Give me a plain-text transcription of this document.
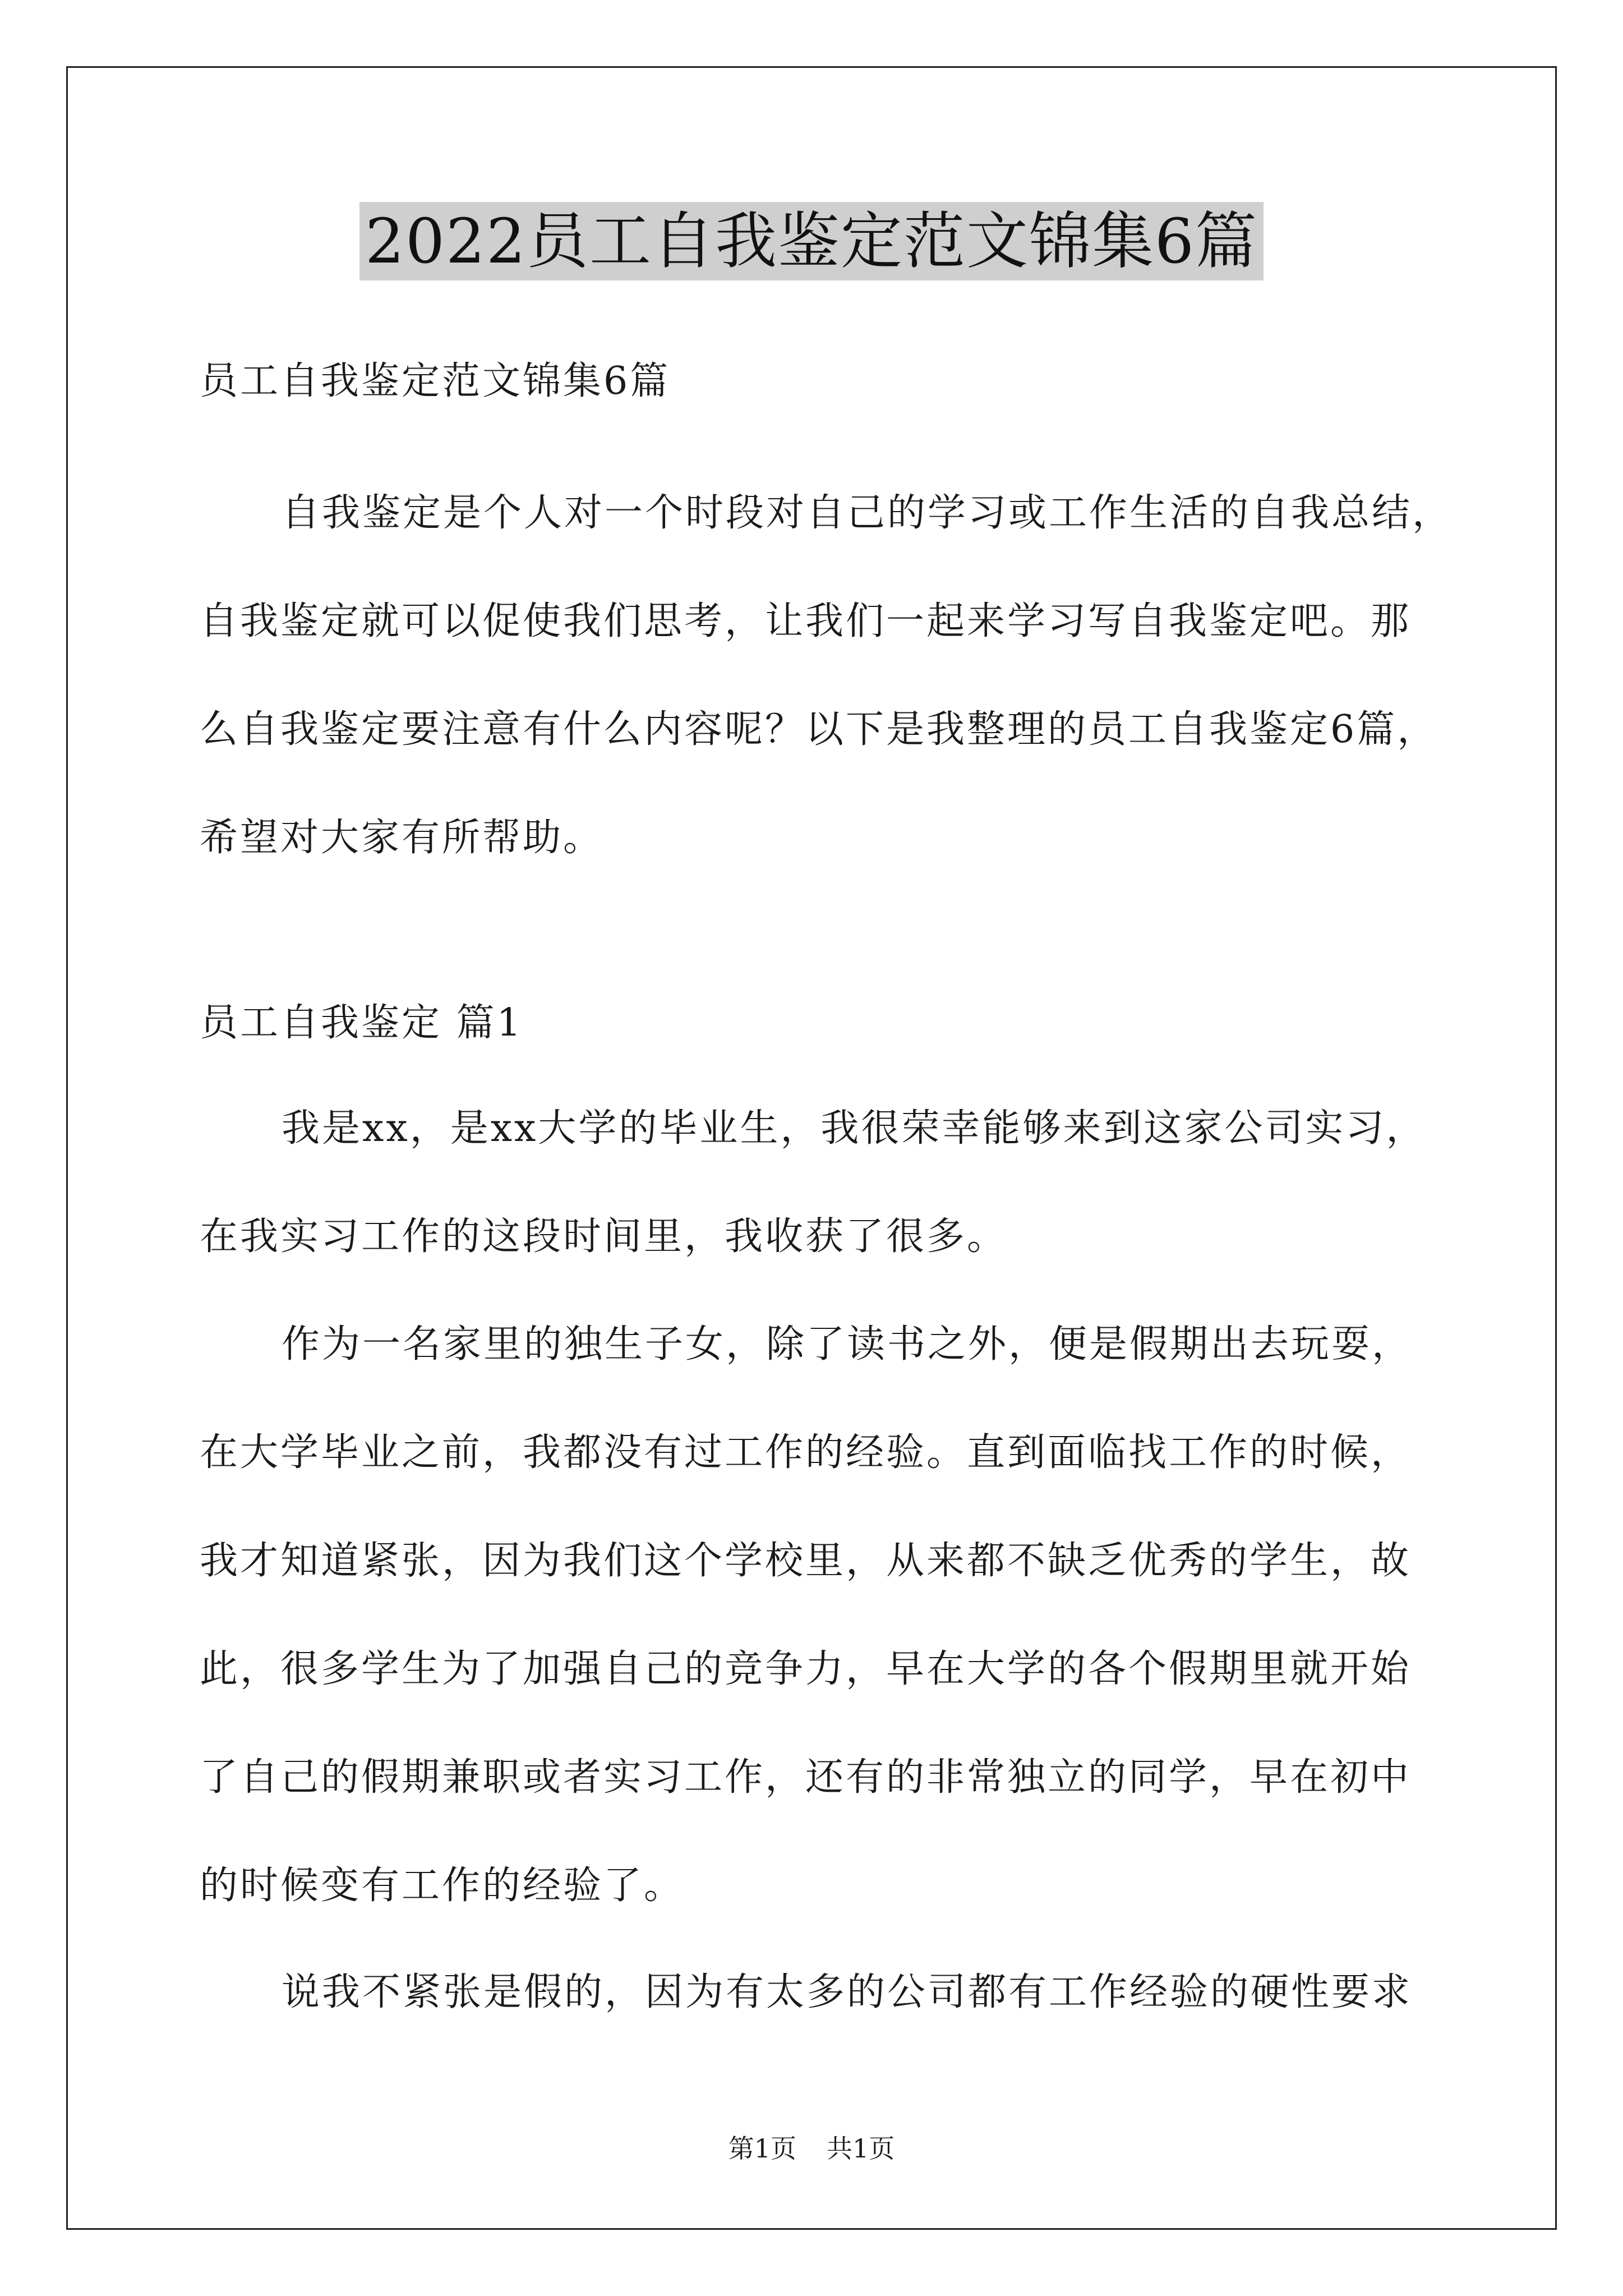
2022员工自我鉴定范文锦集6篇
员工自我鉴定范文锦集6篇
自我鉴定是个人对一个时段对自己的学习或工作生活的自我总结，
自我鉴定就可以促使我们思考，让我们一起来学习写自我鉴定吧。那
么自我鉴定要注意有什么内容呢？以下是我整理的员工自我鉴定6篇，
希望对大家有所帮助。
员工自我鉴定 篇1
我是xx，是xx大学的毕业生，我很荣幸能够来到这家公司实习，
在我实习工作的这段时间里，我收获了很多。
作为一名家里的独生子女，除了读书之外，便是假期出去玩耍，
在大学毕业之前，我都没有过工作的经验。直到面临找工作的时候，
我才知道紧张，因为我们这个学校里，从来都不缺乏优秀的学生，故
此，很多学生为了加强自己的竞争力，早在大学的各个假期里就开始
了自己的假期兼职或者实习工作，还有的非常独立的同学，早在初中
的时候变有工作的经验了。
说我不紧张是假的，因为有太多的公司都有工作经验的硬性要求
第1页 共1页
